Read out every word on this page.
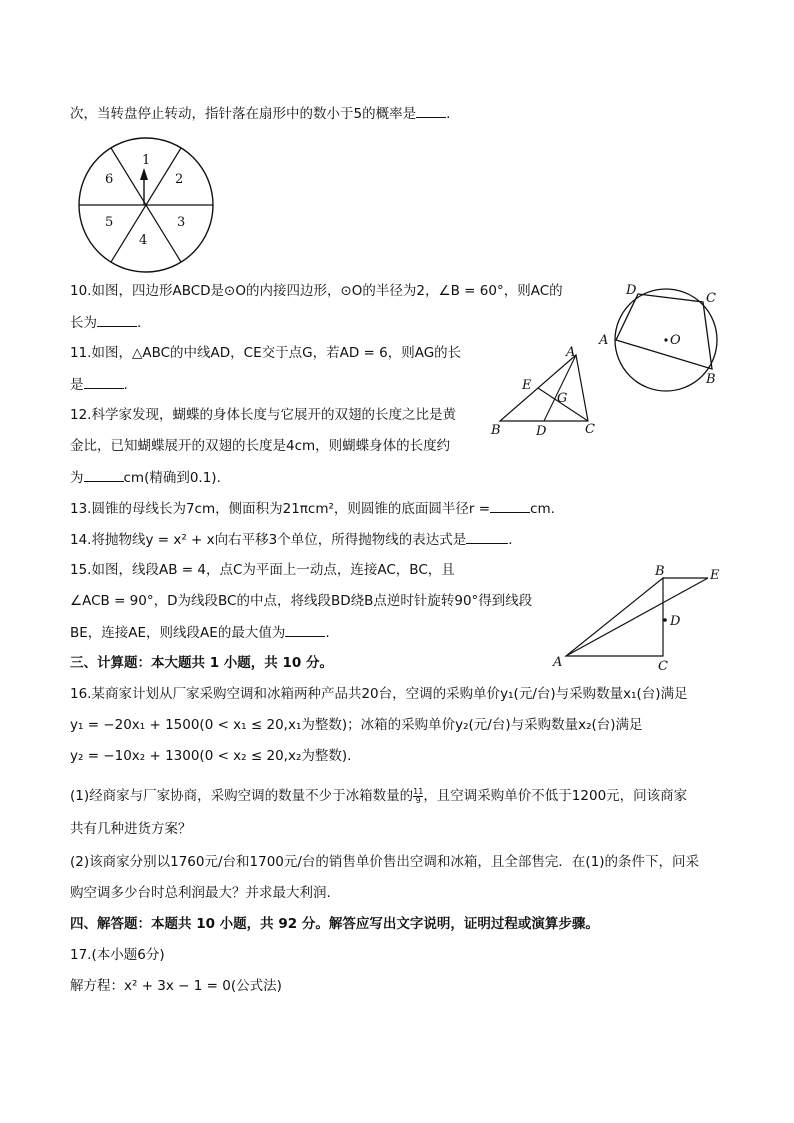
次，当转盘停止转动，指针落在扇形中的数小于5的概率是 .
1
2
3
4
5
6
10.如图，四边形ABCD是⊙O的内接四边形，⊙O的半径为2，∠B = 60°，则AC的
长为	.
D
C
A	O
B
11.如图，△ABC的中线AD，CE交于点G，若AD = 6，则AG的长
是	.
A
E
G
B	D	C
12.科学家发现，蝴蝶的身体长度与它展开的双翅的长度之比是黄
金比，已知蝴蝶展开的双翅的长度是4cm，则蝴蝶身体的长度约
为	cm(精确到0.1).
13.圆锥的母线长为7cm，侧面积为21πcm²，则圆锥的底面圆半径r =	cm.
14.将抛物线y = x² + x向右平移3个单位，所得抛物线的表达式是	.
15.如图，线段AB = 4，点C为平面上一动点，连接AC，BC，且
∠ACB = 90°，D为线段BC的中点，将线段BD绕B点逆时针旋转90°得到线段
BE，连接AE，则线段AE的最大值为	.
B	E
D
A	C
三、计算题：本大题共 1 小题，共 10 分。
16.某商家计划从厂家采购空调和冰箱两种产品共20台，空调的采购单价y₁(元/台)与采购数量x₁(台)满足
y₁ = −20x₁ + 1500(0 < x₁ ≤ 20,x₁为整数)；冰箱的采购单价y₂(元/台)与采购数量x₂(台)满足
y₂ = −10x₂ + 1300(0 < x₂ ≤ 20,x₂为整数).
(1)经商家与厂家协商，采购空调的数量不少于冰箱数量的 $\frac{11}{9}$ ，且空调采购单价不低于1200元，问该商家
共有几种进货方案？
(2)该商家分别以1760元/台和1700元/台的销售单价售出空调和冰箱，且全部售完．在(1)的条件下，问采
购空调多少台时总利润最大？并求最大利润.
四、解答题：本题共 10 小题，共 92 分。解答应写出文字说明，证明过程或演算步骤。
17.(本小题6分)
解方程：x² + 3x − 1 = 0(公式法)
